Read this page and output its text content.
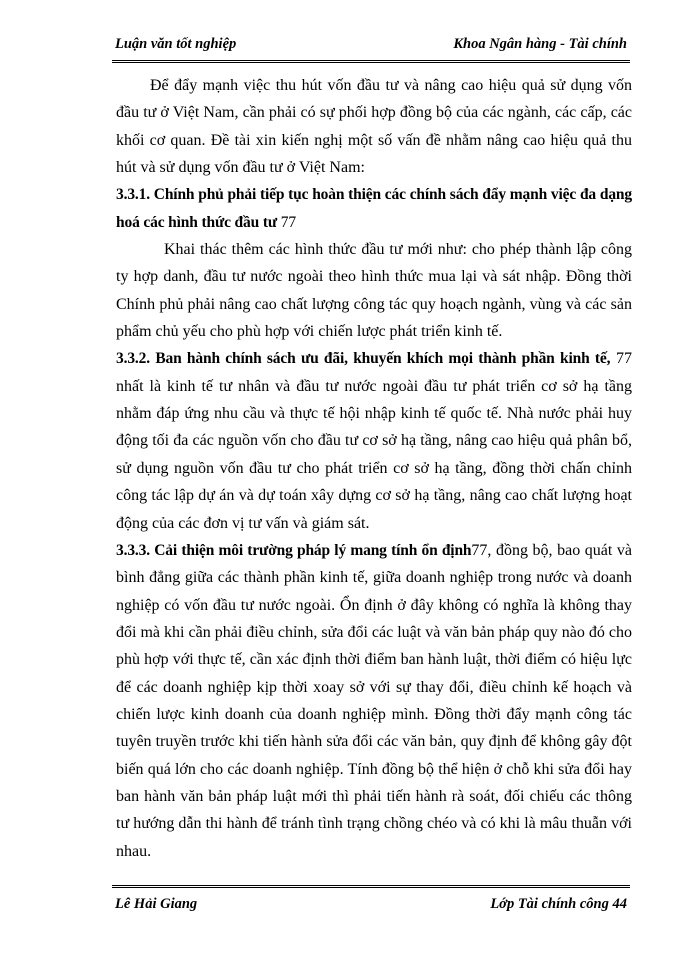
Luận văn tốt nghiệp	Khoa Ngân hàng - Tài chính

Để đẩy mạnh việc thu hút vốn đầu tư và nâng cao hiệu quả sử dụng vốn đầu tư ở Việt Nam, cần phải có sự phối hợp đồng bộ của các ngành, các cấp, các khối cơ quan. Đề tài xin kiến nghị một số vấn đề nhằm nâng cao hiệu quả thu hút và sử dụng vốn đầu tư ở Việt Nam:

3.3.1. Chính phủ phải tiếp tục hoàn thiện các chính sách đẩy mạnh việc đa dạng hoá các hình thức đầu tư 77

Khai thác thêm các hình thức đầu tư mới như: cho phép thành lập công ty hợp danh, đầu tư nước ngoài theo hình thức mua lại và sát nhập. Đồng thời Chính phủ phải nâng cao chất lượng công tác quy hoạch ngành, vùng và các sản phẩm chủ yếu cho phù hợp với chiến lược phát triển kinh tế.

3.3.2. Ban hành chính sách ưu đãi, khuyến khích mọi thành phần kinh tế, 77 nhất là kinh tế tư nhân và đầu tư nước ngoài đầu tư phát triển cơ sở hạ tầng nhằm đáp ứng nhu cầu và thực tế hội nhập kinh tế quốc tế. Nhà nước phải huy động tối đa các nguồn vốn cho đầu tư cơ sở hạ tầng, nâng cao hiệu quả phân bổ, sử dụng nguồn vốn đầu tư cho phát triển cơ sở hạ tầng, đồng thời chấn chỉnh công tác lập dự án và dự toán xây dựng cơ sở hạ tầng, nâng cao chất lượng hoạt động của các đơn vị tư vấn và giám sát.

3.3.3. Cải thiện môi trường pháp lý mang tính ổn định77, đồng bộ, bao quát và bình đẳng giữa các thành phần kinh tế, giữa doanh nghiệp trong nước và doanh nghiệp có vốn đầu tư nước ngoài. Ổn định ở đây không có nghĩa là không thay đổi mà khi cần phải điều chỉnh, sửa đổi các luật và văn bản pháp quy nào đó cho phù hợp với thực tế, cần xác định thời điểm ban hành luật, thời điểm có hiệu lực để các doanh nghiệp kịp thời xoay sở với sự thay đổi, điều chỉnh kế hoạch và chiến lược kinh doanh của doanh nghiệp mình. Đồng thời đẩy mạnh công tác tuyên truyền trước khi tiến hành sửa đổi các văn bản, quy định để không gây đột biến quá lớn cho các doanh nghiệp. Tính đồng bộ thể hiện ở chỗ khi sửa đổi hay ban hành văn bản pháp luật mới thì phải tiến hành rà soát, đối chiếu các thông tư hướng dẫn thi hành để tránh tình trạng chồng chéo và có khi là mâu thuẫn với nhau.

Lê Hải Giang	Lớp Tài chính công 44
